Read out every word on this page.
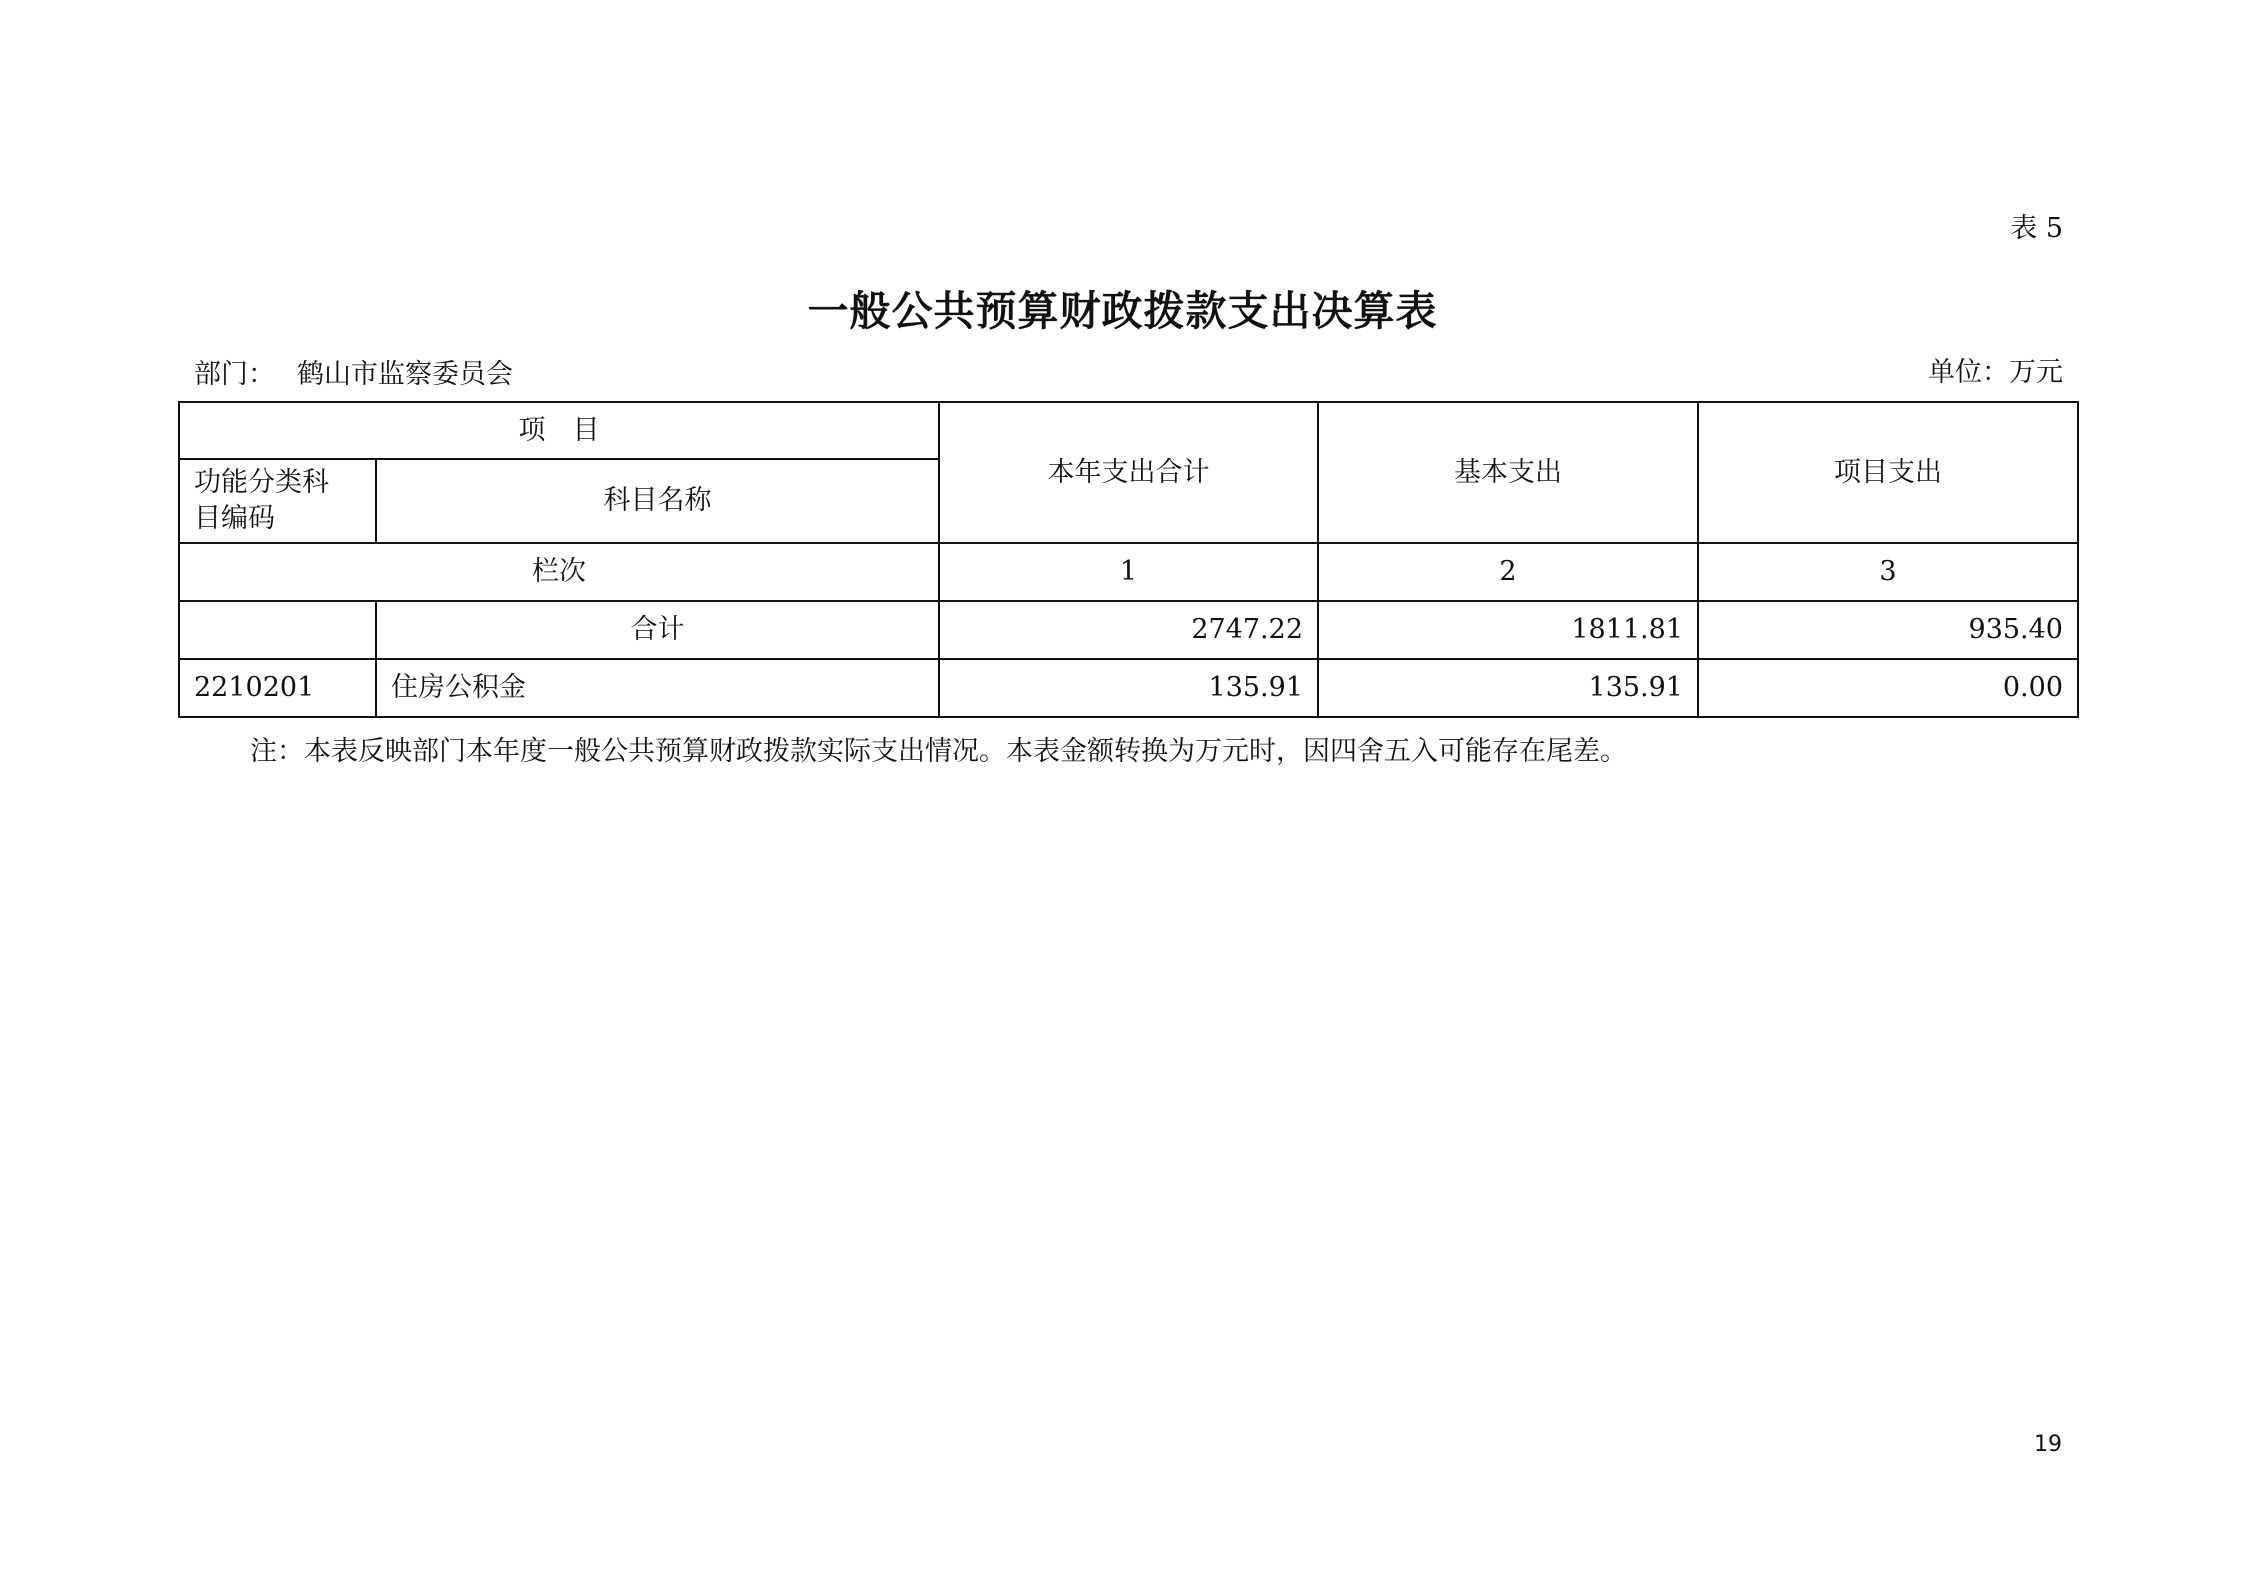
表 5
一般公共预算财政拨款支出决算表
部门： 鹤山市监察委员会	单位：万元
项　目		本年支出合计	基本支出	项目支出
功能分类科目编码	科目名称			
栏次		1	2	3
	合计	2747.22	1811.81	935.40
2210201	住房公积金	135.91	135.91	0.00
注：本表反映部门本年度一般公共预算财政拨款实际支出情况。本表金额转换为万元时，因四舍五入可能存在尾差。
19
